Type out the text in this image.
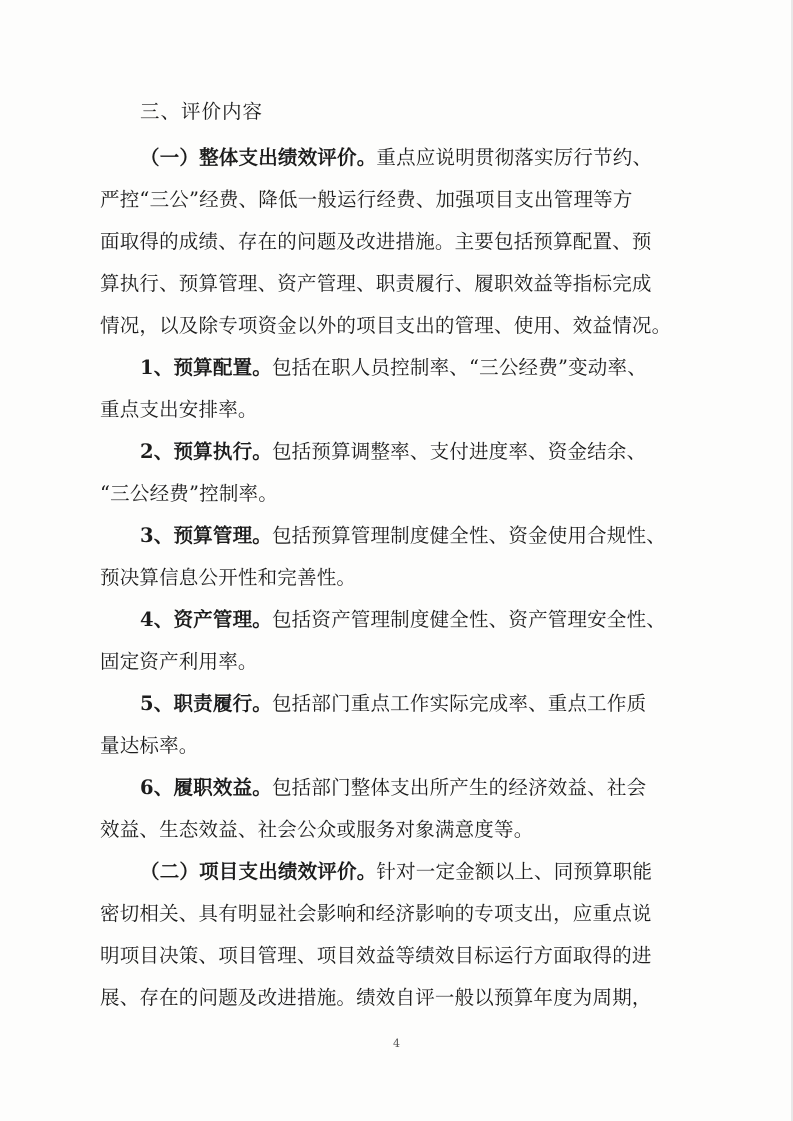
三、评价内容
（一）整体支出绩效评价。重点应说明贯彻落实厉行节约、
严控“三公”经费、降低一般运行经费、加强项目支出管理等方
面取得的成绩、存在的问题及改进措施。主要包括预算配置、预
算执行、预算管理、资产管理、职责履行、履职效益等指标完成
情况，以及除专项资金以外的项目支出的管理、使用、效益情况。
1、预算配置。包括在职人员控制率、“三公经费”变动率、
重点支出安排率。
2、预算执行。包括预算调整率、支付进度率、资金结余、
“三公经费”控制率。
3、预算管理。包括预算管理制度健全性、资金使用合规性、
预决算信息公开性和完善性。
4、资产管理。包括资产管理制度健全性、资产管理安全性、
固定资产利用率。
5、职责履行。包括部门重点工作实际完成率、重点工作质
量达标率。
6、履职效益。包括部门整体支出所产生的经济效益、社会
效益、生态效益、社会公众或服务对象满意度等。
（二）项目支出绩效评价。针对一定金额以上、同预算职能
密切相关、具有明显社会影响和经济影响的专项支出，应重点说
明项目决策、项目管理、项目效益等绩效目标运行方面取得的进
展、存在的问题及改进措施。绩效自评一般以预算年度为周期，
4
